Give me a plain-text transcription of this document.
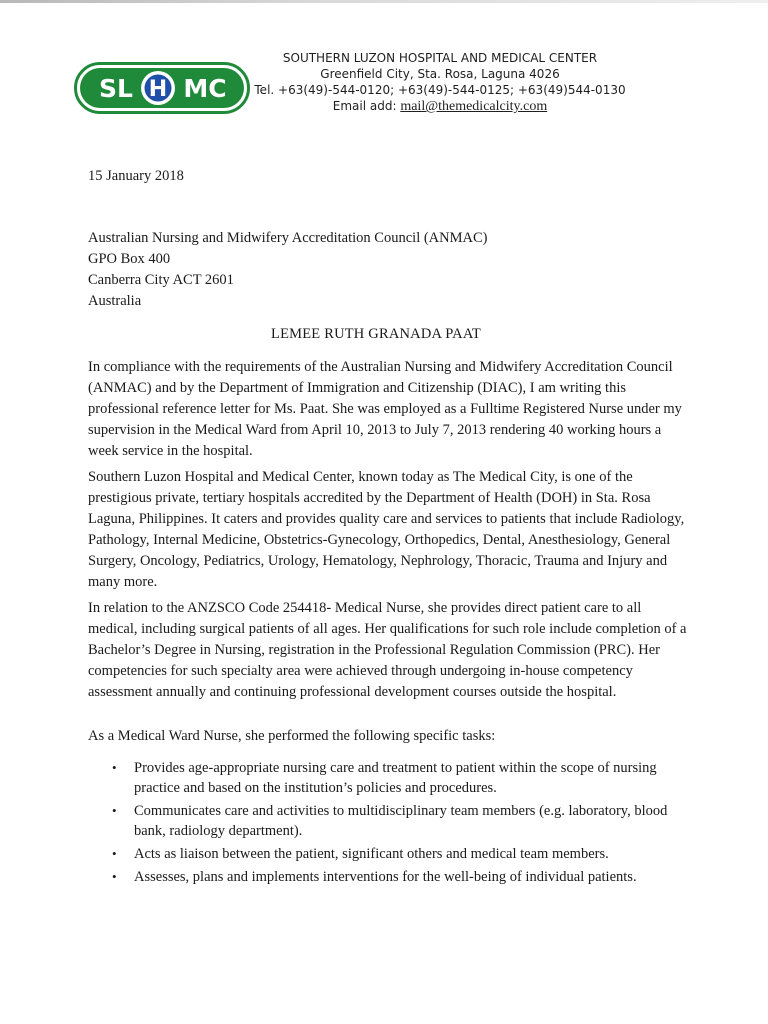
SL H MC
SOUTHERN LUZON HOSPITAL AND MEDICAL CENTER
Greenfield City, Sta. Rosa, Laguna 4026
Tel. +63(49)-544-0120; +63(49)-544-0125; +63(49)544-0130
Email add: mail@themedicalcity.com
15 January 2018
Australian Nursing and Midwifery Accreditation Council (ANMAC)
GPO Box 400
Canberra City ACT 2601
Australia
LEMEE RUTH GRANADA PAAT

In compliance with the requirements of the Australian Nursing and Midwifery Accreditation Council (ANMAC) and by the Department of Immigration and Citizenship (DIAC), I am writing this professional reference letter for Ms. Paat. She was employed as a Fulltime Registered Nurse under my supervision in the Medical Ward from April 10, 2013 to July 7, 2013 rendering 40 working hours a week service in the hospital.

Southern Luzon Hospital and Medical Center, known today as The Medical City, is one of the prestigious private, tertiary hospitals accredited by the Department of Health (DOH) in Sta. Rosa Laguna, Philippines. It caters and provides quality care and services to patients that include Radiology, Pathology, Internal Medicine, Obstetrics-Gynecology, Orthopedics, Dental, Anesthesiology, General Surgery, Oncology, Pediatrics, Urology, Hematology, Nephrology, Thoracic, Trauma and Injury and many more.

In relation to the ANZSCO Code 254418- Medical Nurse, she provides direct patient care to all medical, including surgical patients of all ages. Her qualifications for such role include completion of a Bachelor’s Degree in Nursing, registration in the Professional Regulation Commission (PRC). Her competencies for such specialty area were achieved through undergoing in-house competency assessment annually and continuing professional development courses outside the hospital.

As a Medical Ward Nurse, she performed the following specific tasks:

• Provides age-appropriate nursing care and treatment to patient within the scope of nursing practice and based on the institution’s policies and procedures.
• Communicates care and activities to multidisciplinary team members (e.g. laboratory, blood bank, radiology department).
• Acts as liaison between the patient, significant others and medical team members.
• Assesses, plans and implements interventions for the well-being of individual patients.
